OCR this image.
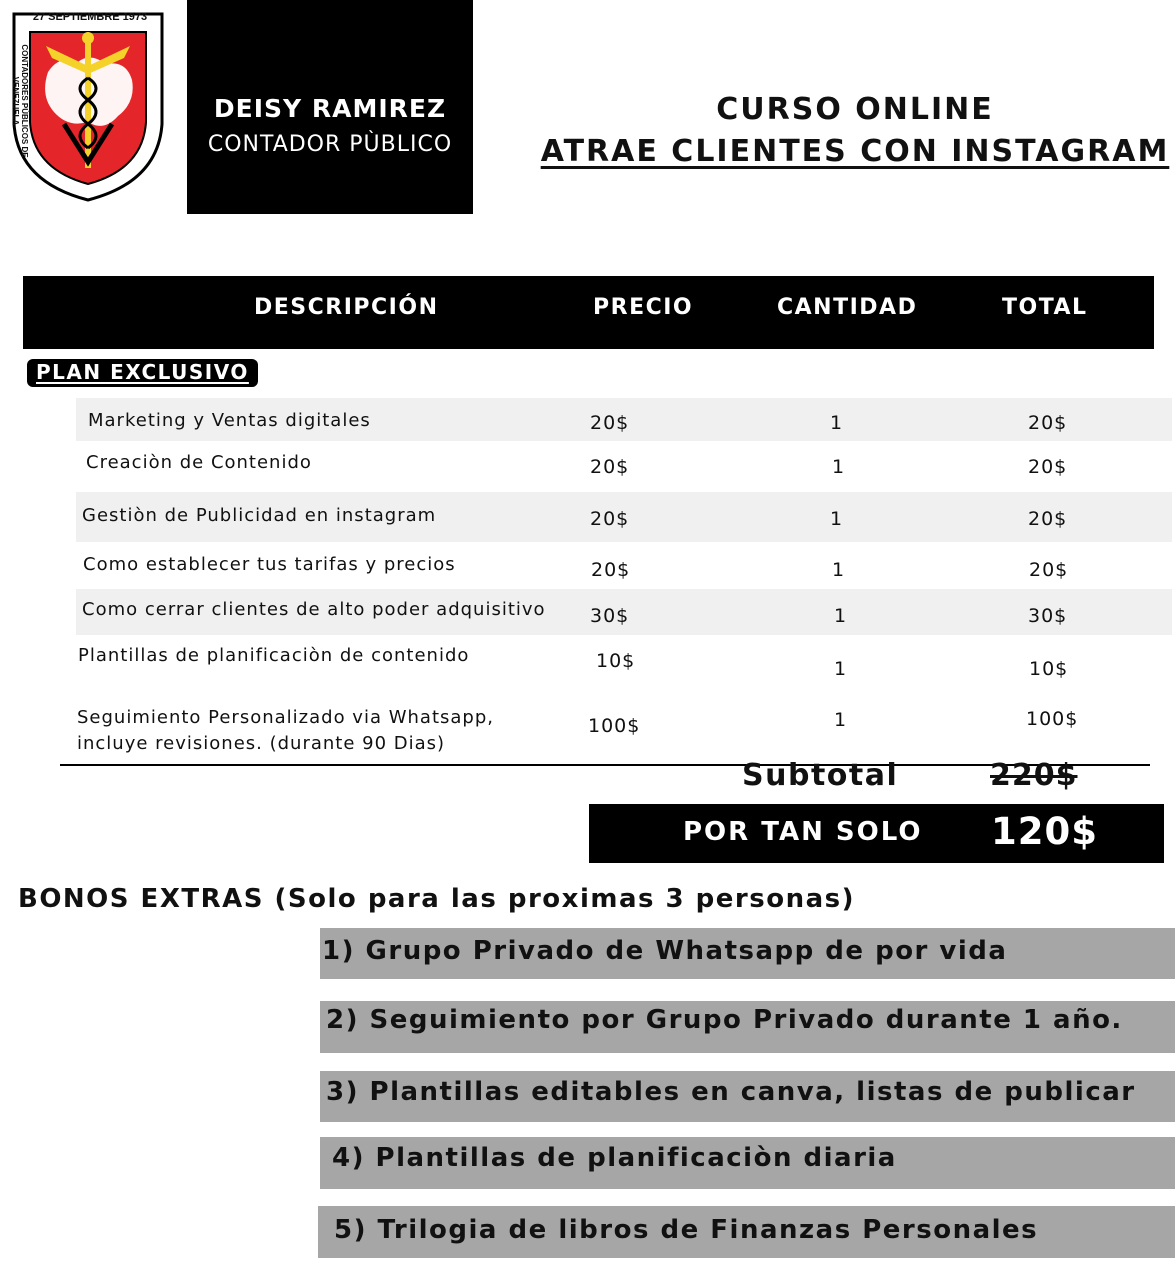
27 SEPTIEMBRE 1973
CONTADORES PÚBLICOS DE VENEZUELA	DEISY RAMIREZ
CONTADOR PÙBLICO
CURSO ONLINE
ATRAE CLIENTES CON INSTAGRAM
DESCRIPCIÓN	PRECIO	CANTIDAD	TOTAL
PLAN EXCLUSIVO
Marketing y Ventas digitales	20$	1	20$
Creaciòn de Contenido	20$	1	20$
Gestiòn de Publicidad en instagram	20$	1	20$
Como establecer tus tarifas y precios	20$	1	20$
Como cerrar clientes de alto poder adquisitivo 30$	1	30$
Plantillas de planificaciòn de contenido	10$	1	10$
Seguimiento Personalizado via Whatsapp,
incluye revisiones. (durante 90 Dias)
100$	1	100$
Subtotal	220$
POR TAN SOLO 120$
BONOS EXTRAS (Solo para las proximas 3 personas)
1) Grupo Privado de Whatsapp de por vida
2) Seguimiento por Grupo Privado durante 1 año.
3) Plantillas editables en canva, listas de publicar
4) Plantillas de planificaciòn diaria
5) Trilogia de libros de Finanzas Personales
